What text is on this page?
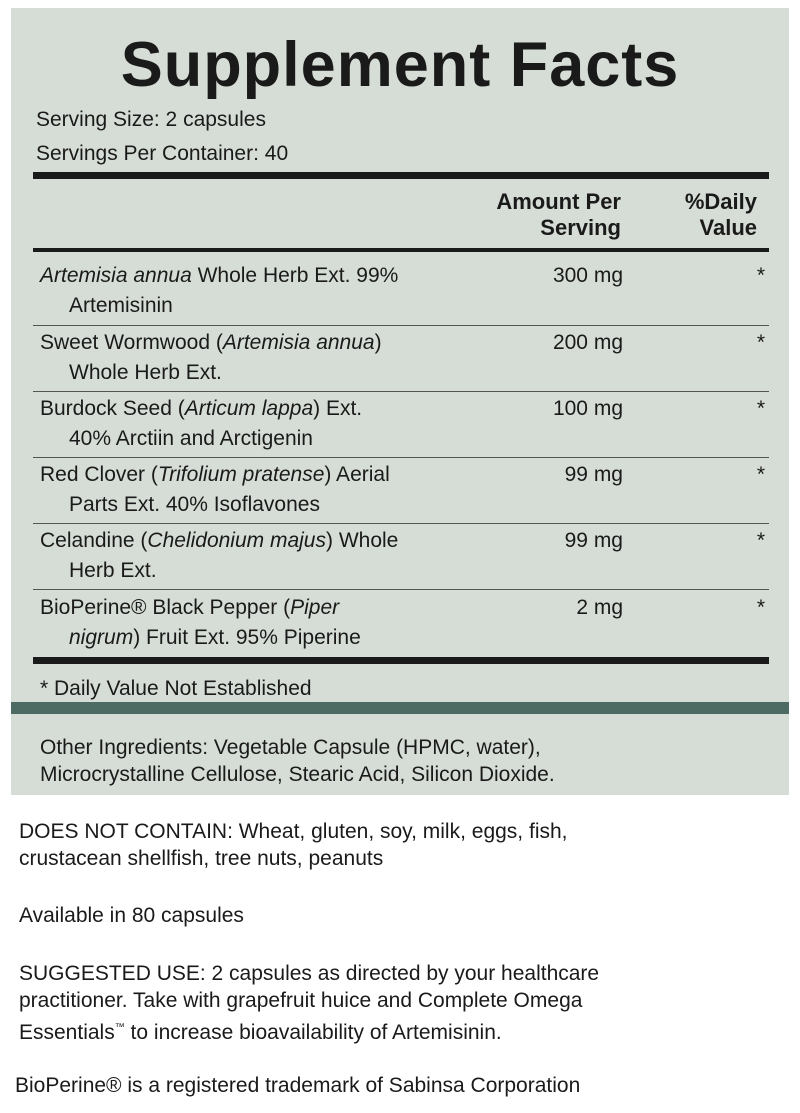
Supplement Facts
Serving Size: 2 capsules
Servings Per Container: 40
Amount Per
Serving
%Daily
Value
Artemisia annua Whole Herb Ext. 99%
Artemisinin
300 mg	*
Sweet Wormwood (Artemisia annua)
Whole Herb Ext.
200 mg	*
Burdock Seed (Articum lappa) Ext.
40% Arctiin and Arctigenin
100 mg	*
Red Clover (Trifolium pratense) Aerial
Parts Ext. 40% Isoflavones
99 mg	*
Celandine (Chelidonium majus) Whole
Herb Ext.
99 mg	*
BioPerine® Black Pepper (Piper
nigrum) Fruit Ext. 95% Piperine
2 mg	*
* Daily Value Not Established
Other Ingredients: Vegetable Capsule (HPMC, water),
Microcrystalline Cellulose, Stearic Acid, Silicon Dioxide.
DOES NOT CONTAIN: Wheat, gluten, soy, milk, eggs, fish,
crustacean shellfish, tree nuts, peanuts
Available in 80 capsules
SUGGESTED USE: 2 capsules as directed by your healthcare
practitioner. Take with grapefruit huice and Complete Omega
Essentials™ to increase bioavailability of Artemisinin.
BioPerine® is a registered trademark of Sabinsa Corporation
